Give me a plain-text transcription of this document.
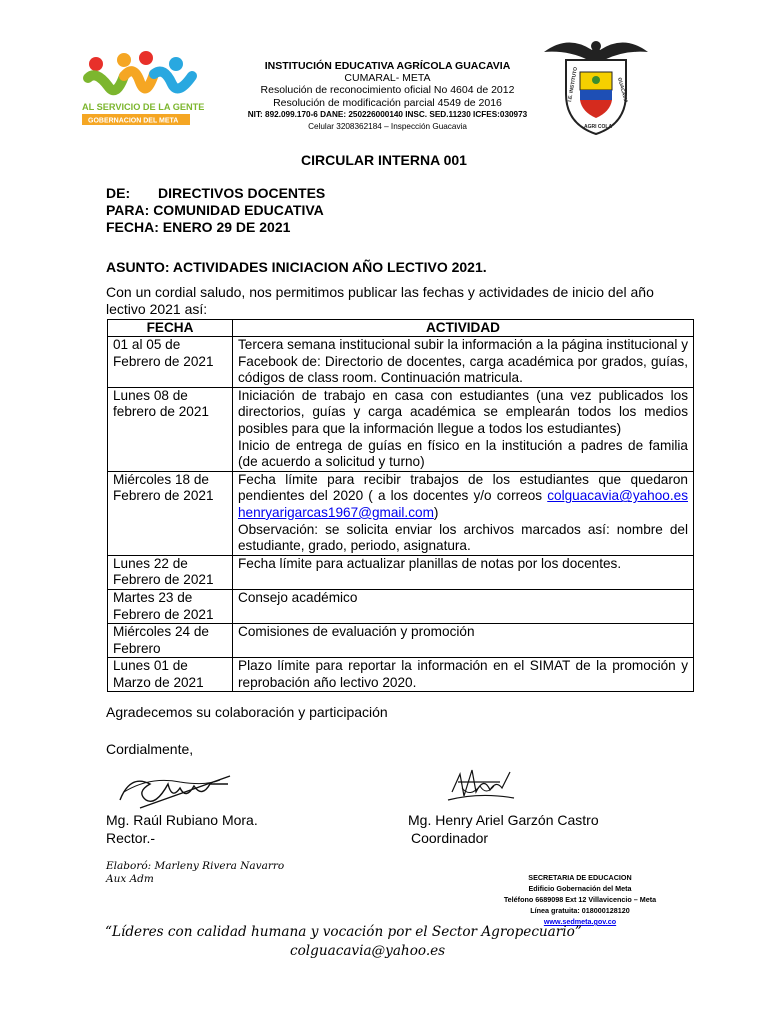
AL SERVICIO DE LA GENTE
GOBERNACION DEL META
INSTITUCIÓN EDUCATIVA AGRÍCOLA GUACAVIA
CUMARAL- META
Resolución de reconocimiento oficial No 4604 de 2012
Resolución de modificación parcial 4549 de 2016
NIT: 892.099.170-6 DANE: 250226000140 INSC. SED.11230 ICFES:030973
Celular 3208362184 – Inspección Guacavia
I.E. INSTITUTO	GUACAVIA
AGRI COLA
CIRCULAR INTERNA 001
DE: DIRECTIVOS DOCENTES
PARA: COMUNIDAD EDUCATIVA
FECHA: ENERO 29 DE 2021
ASUNTO: ACTIVIDADES INICIACION AÑO LECTIVO 2021.
Con un cordial saludo, nos permitimos publicar las fechas y actividades de inicio del año lectivo 2021 así:
FECHA	ACTIVIDAD
01 al 05 de Febrero de 2021	Tercera semana institucional subir la información a la página institucional y Facebook de: Directorio de docentes, carga académica por grados, guías, códigos de class room. Continuación matricula.
Lunes 08 de febrero de 2021	Iniciación de trabajo en casa con estudiantes (una vez publicados los directorios, guías y carga académica se emplearán todos los medios posibles para que la información llegue a todos los estudiantes)
Inicio de entrega de guías en físico en la institución a padres de familia (de acuerdo a solicitud y turno)
Miércoles 18 de Febrero de 2021	Fecha límite para recibir trabajos de los estudiantes que quedaron pendientes del 2020 ( a los docentes y/o correos colguacavia@yahoo.es henryarigarcas1967@gmail.com)
Observación: se solicita enviar los archivos marcados así: nombre del estudiante, grado, periodo, asignatura.
Lunes 22 de Febrero de 2021	Fecha límite para actualizar planillas de notas por los docentes.
Martes 23 de Febrero de 2021	Consejo académico
Miércoles 24 de Febrero	Comisiones de evaluación y promoción
Lunes 01 de Marzo de 2021	Plazo límite para reportar la información en el SIMAT de la promoción y reprobación año lectivo 2020.
Agradecemos su colaboración y participación
Cordialmente,
Mg. Raúl Rubiano Mora.
Rector.-
Mg. Henry Ariel Garzón Castro
Coordinador
Elaboró: Marleny Rivera Navarro
Aux Adm	SECRETARIA DE EDUCACION
Edificio Gobernación del Meta
Teléfono 6689098 Ext 12 Villavicencio – Meta
Línea gratuita: 018000128120
www.sedmeta.gov.co
“Líderes con calidad humana y vocación por el Sector Agropecuario”
colguacavia@yahoo.es
